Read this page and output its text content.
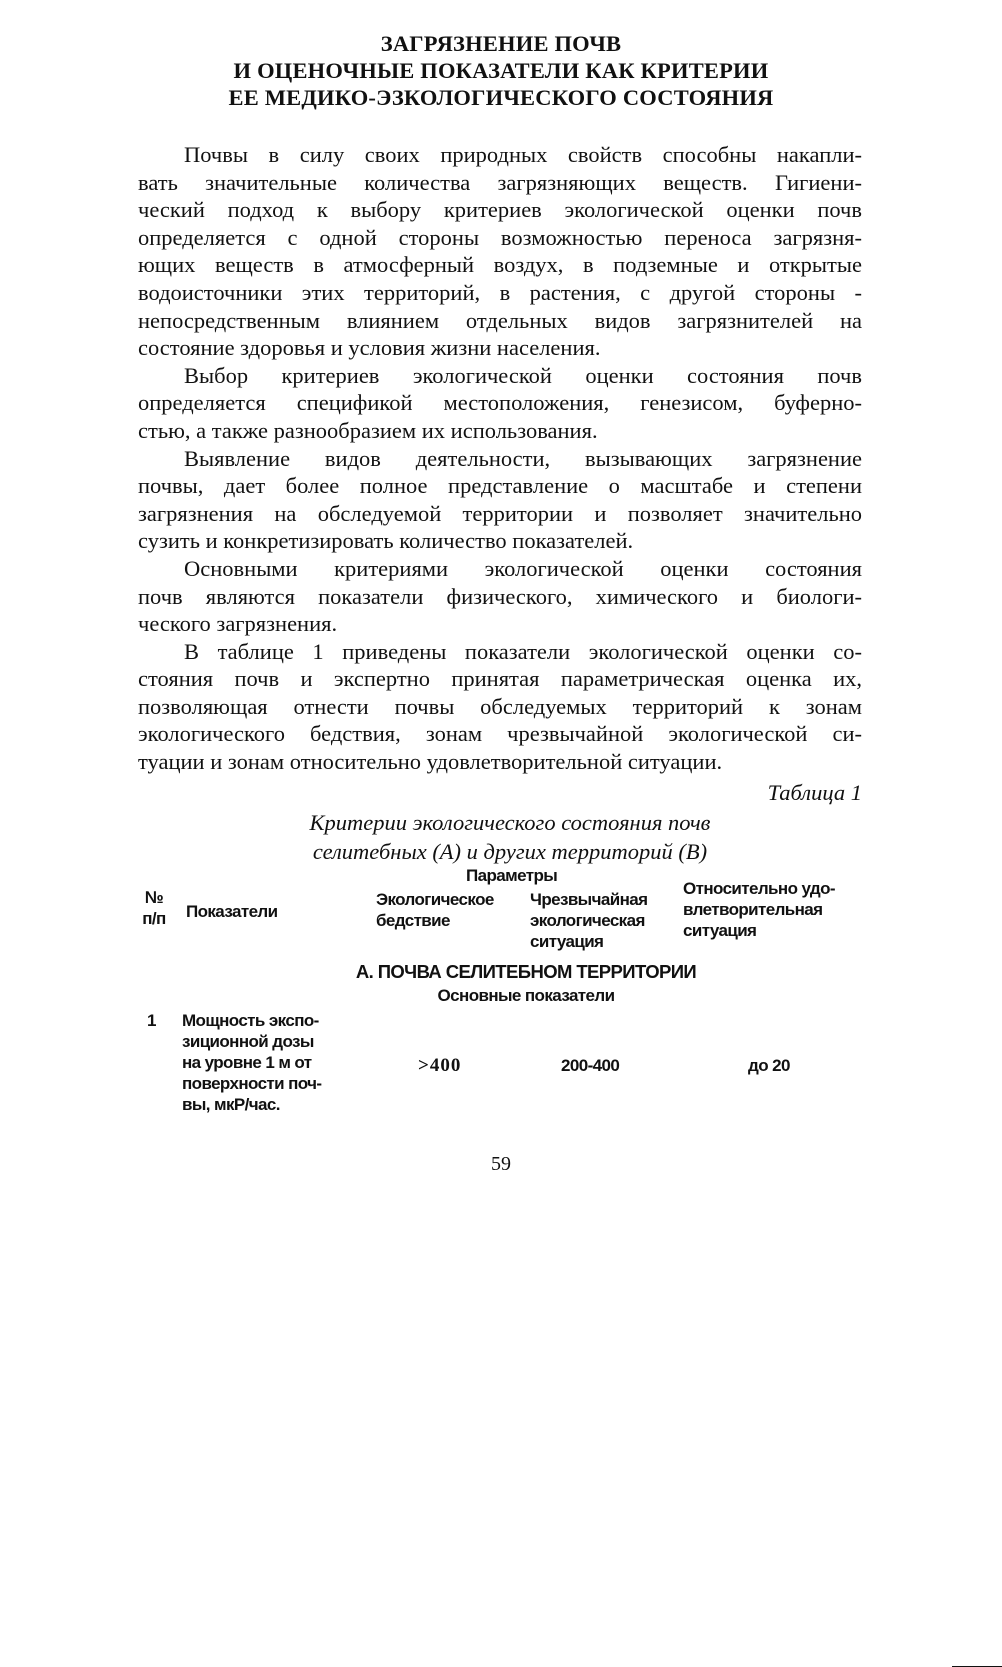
ЗАГРЯЗНЕНИЕ ПОЧВ
И ОЦЕНОЧНЫЕ ПОКАЗАТЕЛИ КАК КРИТЕРИИ
ЕЕ МЕДИКО-ЭЗКОЛОГИЧЕСКОГО СОСТОЯНИЯ

Почвы в силу своих природных свойств способны накапли-
вать значительные количества загрязняющих веществ. Гигиени-
ческий подход к выбору критериев экологической оценки почв
определяется с одной стороны возможностью переноса загрязня-
ющих веществ в атмосферный воздух, в подземные и открытые
водоисточники этих территорий, в растения, с другой стороны -
непосредственным влиянием отдельных видов загрязнителей на
состояние здоровья и условия жизни населения.

Выбор критериев экологической оценки состояния почв
определяется спецификой местоположения, генезисом, буферно-
стью, а также разнообразием их использования.

Выявление видов деятельности, вызывающих загрязнение
почвы, дает более полное представление о масштабе и степени
загрязнения на обследуемой территории и позволяет значительно
сузить и конкретизировать количество показателей.

Основными критериями экологической оценки состояния
почв являются показатели физического, химического и биологи-
ческого загрязнения.

В таблице 1 приведены показатели экологической оценки со-
стояния почв и экспертно принятая параметрическая оценка их,
позволяющая отнести почвы обследуемых территорий к зонам
экологического бедствия, зонам чрезвычайной экологической си-
туации и зонам относительно удовлетворительной ситуации.

Таблица 1
Критерии экологического состояния почв
селитебных (А) и других территорий (В)
№
п/п Показатели
Параметры
Экологическое
бедствие
Чрезвычайная
экологическая
ситуация
Относительно удо-
влетворительная
ситуация
А. ПОЧВА СЕЛИТЕБНОМ ТЕРРИТОРИИ
Основные показатели
1 Мощность экспо-
зиционной дозы
на уровне 1 м от
поверхности поч-
вы, мкР/час.
>400	200-400	до 20
59
